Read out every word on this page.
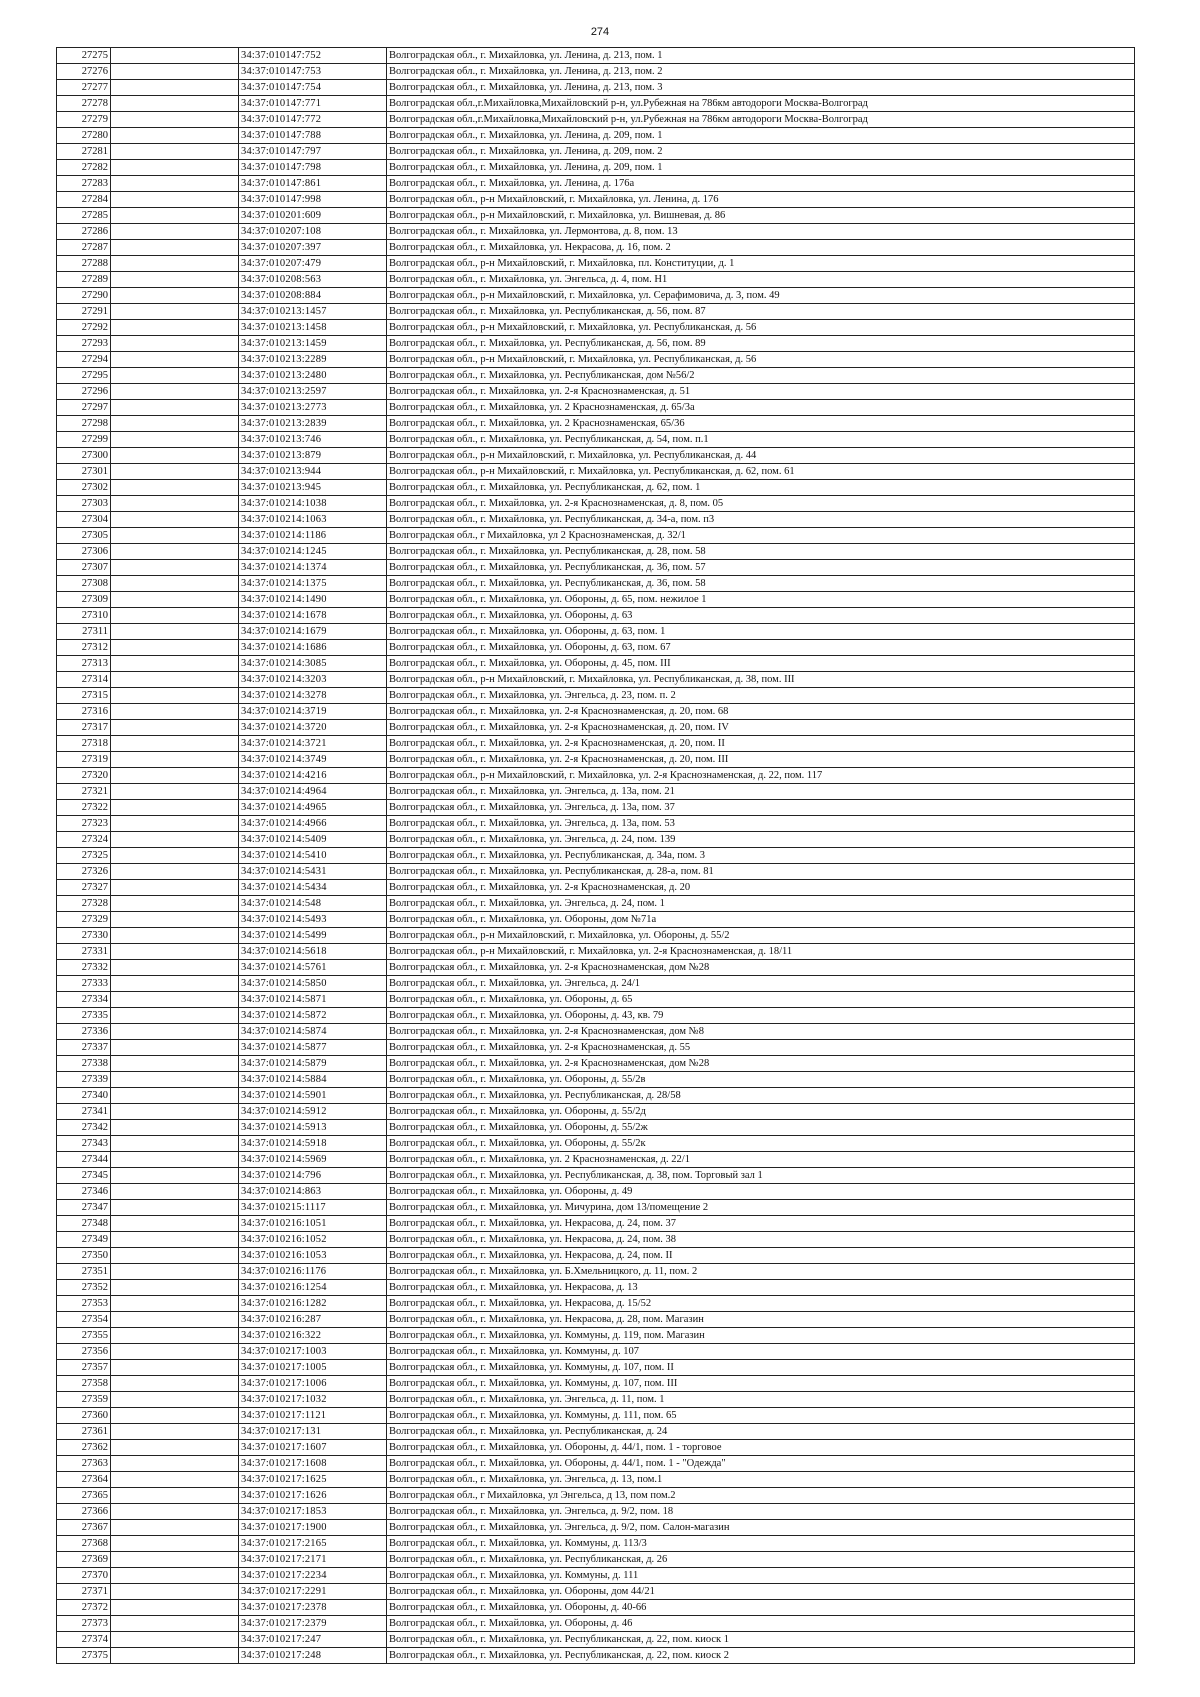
274
27275		34:37:010147:752	Волгоградская обл., г. Михайловка, ул. Ленина, д. 213, пом. 1
27276		34:37:010147:753	Волгоградская обл., г. Михайловка, ул. Ленина, д. 213, пом. 2
27277		34:37:010147:754	Волгоградская обл., г. Михайловка, ул. Ленина, д. 213, пом. 3
27278		34:37:010147:771	Волгоградская обл.,г.Михайловка,Михайловский р-н, ул.Рубежная на 786км автодороги Москва-Волгоград
27279		34:37:010147:772	Волгоградская обл.,г.Михайловка,Михайловский р-н, ул.Рубежная на 786км автодороги Москва-Волгоград
27280		34:37:010147:788	Волгоградская обл., г. Михайловка, ул. Ленина, д. 209, пом. 1
27281		34:37:010147:797	Волгоградская обл., г. Михайловка, ул. Ленина, д. 209, пом. 2
27282		34:37:010147:798	Волгоградская обл., г. Михайловка, ул. Ленина, д. 209, пом. 1
27283		34:37:010147:861	Волгоградская обл., г. Михайловка, ул. Ленина, д. 176а
27284		34:37:010147:998	Волгоградская обл., р-н Михайловский, г. Михайловка, ул. Ленина, д. 176
27285		34:37:010201:609	Волгоградская обл., р-н Михайловский, г. Михайловка, ул. Вишневая, д. 86
27286		34:37:010207:108	Волгоградская обл., г. Михайловка, ул. Лермонтова, д. 8, пом. 13
27287		34:37:010207:397	Волгоградская обл., г. Михайловка, ул. Некрасова, д. 16, пом. 2
27288		34:37:010207:479	Волгоградская обл., р-н Михайловский, г. Михайловка, пл. Конституции, д. 1
27289		34:37:010208:563	Волгоградская обл., г. Михайловка, ул. Энгельса, д. 4, пом. Н1
27290		34:37:010208:884	Волгоградская обл., р-н Михайловский, г. Михайловка, ул. Серафимовича, д. 3, пом. 49
27291		34:37:010213:1457	Волгоградская обл., г. Михайловка, ул. Республиканская, д. 56, пом. 87
27292		34:37:010213:1458	Волгоградская обл., р-н Михайловский, г. Михайловка, ул. Республиканская, д. 56
27293		34:37:010213:1459	Волгоградская обл., г. Михайловка, ул. Республиканская, д. 56, пом. 89
27294		34:37:010213:2289	Волгоградская обл., р-н Михайловский, г. Михайловка, ул. Республиканская, д. 56
27295		34:37:010213:2480	Волгоградская обл., г. Михайловка, ул. Республиканская, дом №56/2
27296		34:37:010213:2597	Волгоградская обл., г. Михайловка, ул. 2-я Краснознаменская, д. 51
27297		34:37:010213:2773	Волгоградская обл., г. Михайловка, ул. 2 Краснознаменская, д. 65/3а
27298		34:37:010213:2839	Волгоградская обл., г. Михайловка, ул. 2 Краснознаменская, 65/36
27299		34:37:010213:746	Волгоградская обл., г. Михайловка, ул. Республиканская, д. 54, пом. п.1
27300		34:37:010213:879	Волгоградская обл., р-н Михайловский, г. Михайловка, ул. Республиканская, д. 44
27301		34:37:010213:944	Волгоградская обл., р-н Михайловский, г. Михайловка, ул. Республиканская, д. 62, пом. 61
27302		34:37:010213:945	Волгоградская обл., г. Михайловка, ул. Республиканская, д. 62, пом. 1
27303		34:37:010214:1038	Волгоградская обл., г. Михайловка, ул. 2-я Краснознаменская, д. 8, пом. 05
27304		34:37:010214:1063	Волгоградская обл., г. Михайловка, ул. Республиканская, д. 34-а, пом. п3
27305		34:37:010214:1186	Волгоградская обл., г Михайловка, ул 2 Краснознаменская, д. 32/1
27306		34:37:010214:1245	Волгоградская обл., г. Михайловка, ул. Республиканская, д. 28, пом. 58
27307		34:37:010214:1374	Волгоградская обл., г. Михайловка, ул. Республиканская, д. 36, пом. 57
27308		34:37:010214:1375	Волгоградская обл., г. Михайловка, ул. Республиканская, д. 36, пом. 58
27309		34:37:010214:1490	Волгоградская обл., г. Михайловка, ул. Обороны, д. 65, пом. нежилое 1
27310		34:37:010214:1678	Волгоградская обл., г. Михайловка, ул. Обороны, д. 63
27311		34:37:010214:1679	Волгоградская обл., г. Михайловка, ул. Обороны, д. 63, пом. 1
27312		34:37:010214:1686	Волгоградская обл., г. Михайловка, ул. Обороны, д. 63, пом. 67
27313		34:37:010214:3085	Волгоградская обл., г. Михайловка, ул. Обороны, д. 45, пом. III
27314		34:37:010214:3203	Волгоградская обл., р-н Михайловский, г. Михайловка, ул. Республиканская, д. 38, пом. III
27315		34:37:010214:3278	Волгоградская обл., г. Михайловка, ул. Энгельса, д. 23, пом. п. 2
27316		34:37:010214:3719	Волгоградская обл., г. Михайловка, ул. 2-я Краснознаменская, д. 20, пом. 68
27317		34:37:010214:3720	Волгоградская обл., г. Михайловка, ул. 2-я Краснознаменская, д. 20, пом. IV
27318		34:37:010214:3721	Волгоградская обл., г. Михайловка, ул. 2-я Краснознаменская, д. 20, пом. II
27319		34:37:010214:3749	Волгоградская обл., г. Михайловка, ул. 2-я Краснознаменская, д. 20, пом. III
27320		34:37:010214:4216	Волгоградская обл., р-н Михайловский, г. Михайловка, ул. 2-я Краснознаменская, д. 22, пом. 117
27321		34:37:010214:4964	Волгоградская обл., г. Михайловка, ул. Энгельса, д. 13а, пом. 21
27322		34:37:010214:4965	Волгоградская обл., г. Михайловка, ул. Энгельса, д. 13а, пом. 37
27323		34:37:010214:4966	Волгоградская обл., г. Михайловка, ул. Энгельса, д. 13а, пом. 53
27324		34:37:010214:5409	Волгоградская обл., г. Михайловка, ул. Энгельса, д. 24, пом. 139
27325		34:37:010214:5410	Волгоградская обл., г. Михайловка, ул. Республиканская, д. 34а, пом. 3
27326		34:37:010214:5431	Волгоградская обл., г. Михайловка, ул. Республиканская, д. 28-а, пом. 81
27327		34:37:010214:5434	Волгоградская обл., г. Михайловка, ул. 2-я Краснознаменская, д. 20
27328		34:37:010214:548	Волгоградская обл., г. Михайловка, ул. Энгельса, д. 24, пом. 1
27329		34:37:010214:5493	Волгоградская обл., г. Михайловка, ул. Обороны, дом №71а
27330		34:37:010214:5499	Волгоградская обл., р-н Михайловский, г. Михайловка, ул. Обороны, д. 55/2
27331		34:37:010214:5618	Волгоградская обл., р-н Михайловский, г. Михайловка, ул. 2-я Краснознаменская, д. 18/11
27332		34:37:010214:5761	Волгоградская обл., г. Михайловка, ул. 2-я Краснознаменская, дом №28
27333		34:37:010214:5850	Волгоградская обл., г. Михайловка, ул. Энгельса, д. 24/1
27334		34:37:010214:5871	Волгоградская обл., г. Михайловка, ул. Обороны, д. 65
27335		34:37:010214:5872	Волгоградская обл., г. Михайловка, ул. Обороны, д. 43, кв. 79
27336		34:37:010214:5874	Волгоградская обл., г. Михайловка, ул. 2-я Краснознаменская, дом №8
27337		34:37:010214:5877	Волгоградская обл., г. Михайловка, ул. 2-я Краснознаменская, д. 55
27338		34:37:010214:5879	Волгоградская обл., г. Михайловка, ул. 2-я Краснознаменская, дом №28
27339		34:37:010214:5884	Волгоградская обл., г. Михайловка, ул. Обороны, д. 55/2в
27340		34:37:010214:5901	Волгоградская обл., г. Михайловка, ул. Республиканская, д. 28/58
27341		34:37:010214:5912	Волгоградская обл., г. Михайловка, ул. Обороны, д. 55/2д
27342		34:37:010214:5913	Волгоградская обл., г. Михайловка, ул. Обороны, д. 55/2ж
27343		34:37:010214:5918	Волгоградская обл., г. Михайловка, ул. Обороны, д. 55/2к
27344		34:37:010214:5969	Волгоградская обл., г. Михайловка, ул. 2 Краснознаменская, д. 22/1
27345		34:37:010214:796	Волгоградская обл., г. Михайловка, ул. Республиканская, д. 38, пом. Торговый зал 1
27346		34:37:010214:863	Волгоградская обл., г. Михайловка, ул. Обороны, д. 49
27347		34:37:010215:1117	Волгоградская обл., г. Михайловка, ул. Мичурина, дом 13/помещение 2
27348		34:37:010216:1051	Волгоградская обл., г. Михайловка, ул. Некрасова, д. 24, пом. 37
27349		34:37:010216:1052	Волгоградская обл., г. Михайловка, ул. Некрасова, д. 24, пом. 38
27350		34:37:010216:1053	Волгоградская обл., г. Михайловка, ул. Некрасова, д. 24, пом. II
27351		34:37:010216:1176	Волгоградская обл., г. Михайловка, ул. Б.Хмельницкого, д. 11, пом. 2
27352		34:37:010216:1254	Волгоградская обл., г. Михайловка, ул. Некрасова, д. 13
27353		34:37:010216:1282	Волгоградская обл., г. Михайловка, ул. Некрасова, д. 15/52
27354		34:37:010216:287	Волгоградская обл., г. Михайловка, ул. Некрасова, д. 28, пом. Магазин
27355		34:37:010216:322	Волгоградская обл., г. Михайловка, ул. Коммуны, д. 119, пом. Магазин
27356		34:37:010217:1003	Волгоградская обл., г. Михайловка, ул. Коммуны, д. 107
27357		34:37:010217:1005	Волгоградская обл., г. Михайловка, ул. Коммуны, д. 107, пом. II
27358		34:37:010217:1006	Волгоградская обл., г. Михайловка, ул. Коммуны, д. 107, пом. III
27359		34:37:010217:1032	Волгоградская обл., г. Михайловка, ул. Энгельса, д. 11, пом. 1
27360		34:37:010217:1121	Волгоградская обл., г. Михайловка, ул. Коммуны, д. 111, пом. 65
27361		34:37:010217:131	Волгоградская обл., г. Михайловка, ул. Республиканская, д. 24
27362		34:37:010217:1607	Волгоградская обл., г. Михайловка, ул. Обороны, д. 44/1, пом. 1 - торговое
27363		34:37:010217:1608	Волгоградская обл., г. Михайловка, ул. Обороны, д. 44/1, пом. 1 - "Одежда"
27364		34:37:010217:1625	Волгоградская обл., г. Михайловка, ул. Энгельса, д. 13, пом.1
27365		34:37:010217:1626	Волгоградская обл., г Михайловка, ул Энгельса, д 13, пом пом.2
27366		34:37:010217:1853	Волгоградская обл., г. Михайловка, ул. Энгельса, д. 9/2, пом. 18
27367		34:37:010217:1900	Волгоградская обл., г. Михайловка, ул. Энгельса, д. 9/2, пом. Салон-магазин
27368		34:37:010217:2165	Волгоградская обл., г. Михайловка, ул. Коммуны, д. 113/3
27369		34:37:010217:2171	Волгоградская обл., г. Михайловка, ул. Республиканская, д. 26
27370		34:37:010217:2234	Волгоградская обл., г. Михайловка, ул. Коммуны, д. 111
27371		34:37:010217:2291	Волгоградская обл., г. Михайловка, ул. Обороны, дом 44/21
27372		34:37:010217:2378	Волгоградская обл., г. Михайловка, ул. Обороны, д. 40-66
27373		34:37:010217:2379	Волгоградская обл., г. Михайловка, ул. Обороны, д. 46
27374		34:37:010217:247	Волгоградская обл., г. Михайловка, ул. Республиканская, д. 22, пом. киоск 1
27375		34:37:010217:248	Волгоградская обл., г. Михайловка, ул. Республиканская, д. 22, пом. киоск 2
